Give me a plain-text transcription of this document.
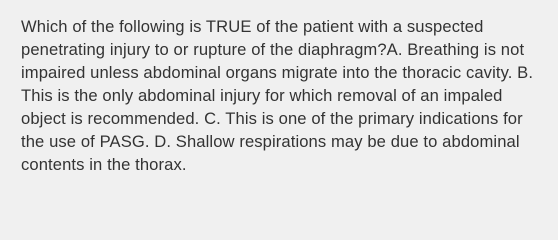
Which of the following is TRUE of the patient with a suspected penetrating injury to or rupture of the diaphragm?A. Breathing is not impaired unless abdominal organs migrate into the thoracic cavity. B. This is the only abdominal injury for which removal of an impaled object is recommended. C. This is one of the primary indications for the use of PASG. D. Shallow respirations may be due to abdominal contents in the thorax.
